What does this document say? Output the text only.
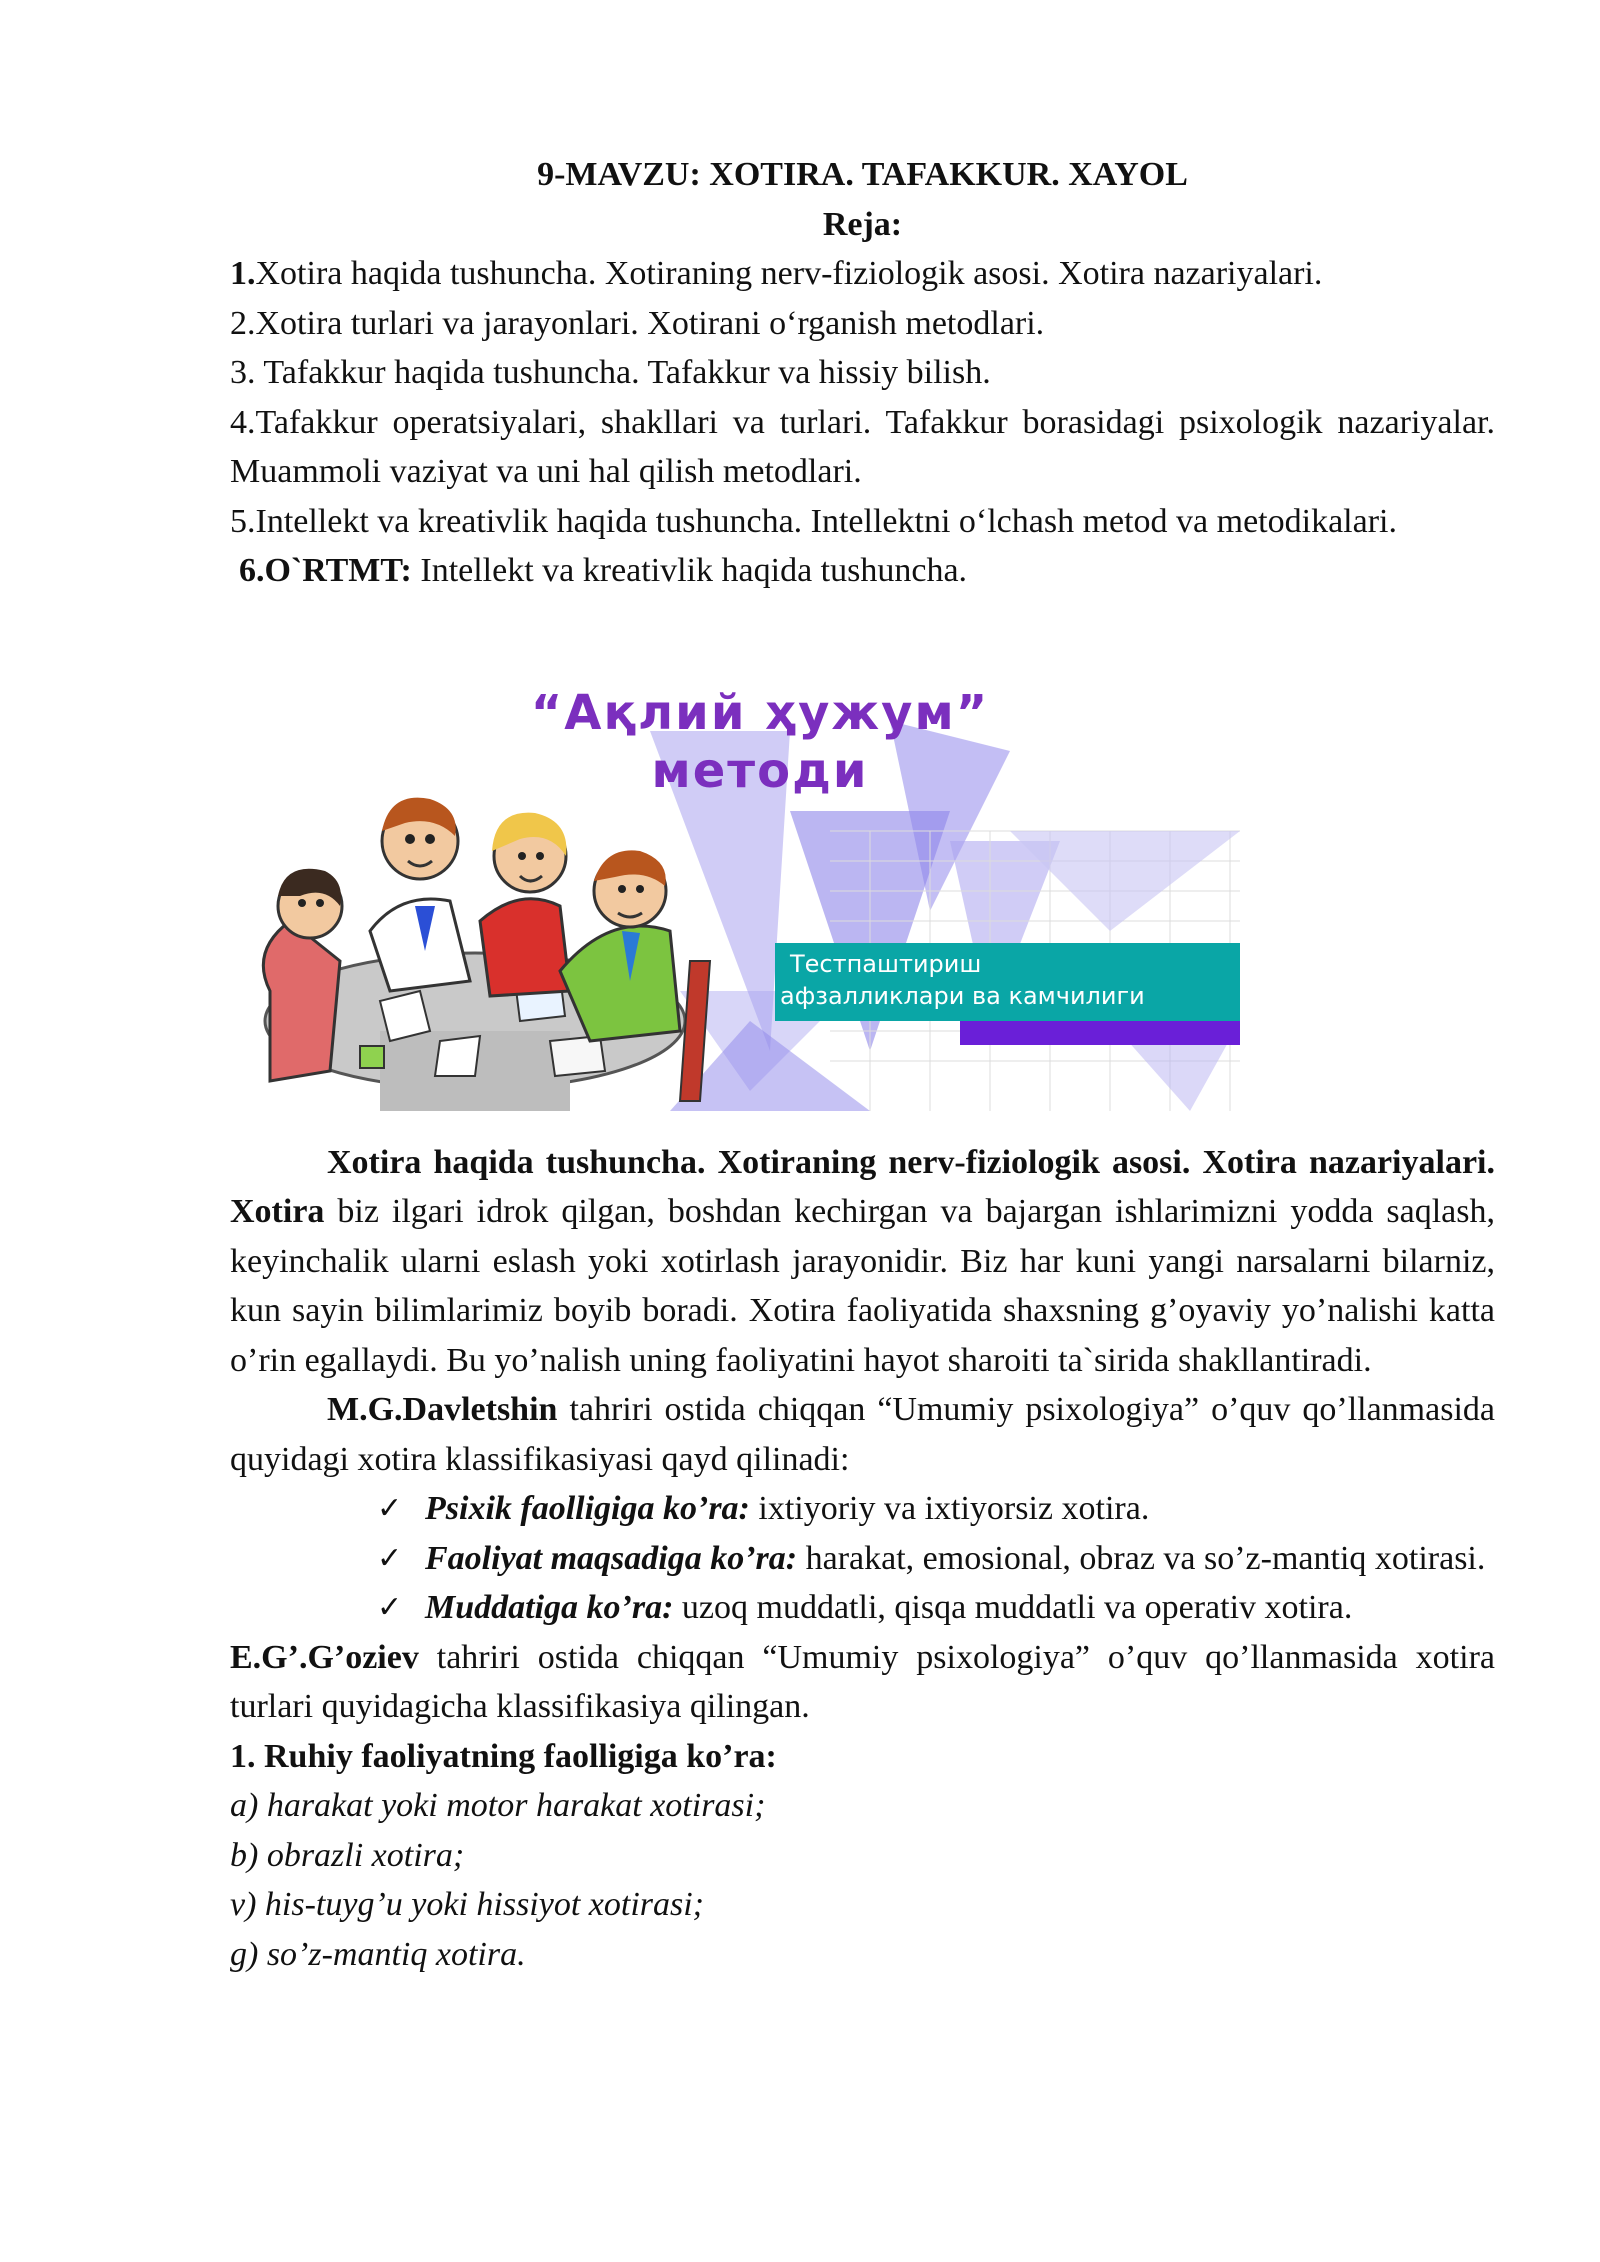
9-MAVZU: XOTIRA. TAFAKKUR. XAYOL
Reja:
1.Xotira haqida tushuncha. Xotiraning nerv-fiziologik asosi. Xotira nazariyalari.
2.Xotira turlari va jarayonlari. Xotirani o‘rganish metodlari.
3. Tafakkur haqida tushuncha. Tafakkur va hissiy bilish.
4.Tafakkur operatsiyalari, shakllari va turlari. Tafakkur borasidagi psixologik nazariyalar. Muammoli vaziyat va uni hal qilish metodlari.
5.Intellekt va kreativlik haqida tushuncha. Intellektni o‘lchash metod va metodikalari.
6.O`RTMT: Intellekt va kreativlik haqida tushuncha.
“Ақлий ҳужум”
методи
Тестпаштириш
афзалликлари ва камчилиги
Xotira haqida tushuncha. Xotiraning nerv-fiziologik asosi. Xotira nazariyalari. Xotira biz ilgari idrok qilgan, boshdan kechirgan va bajargan ishlarimizni yodda saqlash, keyinchalik ularni eslash yoki xotirlash jarayonidir. Biz har kuni yangi narsalarni bilarniz, kun sayin bilimlarimiz boyib boradi. Xotira faoliyatida shaxsning g’oyaviy yo’nalishi katta o’rin egallaydi. Bu yo’nalish uning faoliyatini hayot sharoiti ta`sirida shakllantiradi.
M.G.Davletshin tahriri ostida chiqqan “Umumiy psixologiya” o’quv qo’llanmasida quyidagi xotira klassifikasiyasi qayd qilinadi:
✓ Psixik faolligiga ko’ra: ixtiyoriy va ixtiyorsiz xotira.
✓ Faoliyat maqsadiga ko’ra: harakat, emosional, obraz va so’z-mantiq xotirasi.
✓ Muddatiga ko’ra: uzoq muddatli, qisqa muddatli va operativ xotira.
E.G’.G’oziev tahriri ostida chiqqan “Umumiy psixologiya” o’quv qo’llanmasida xotira turlari quyidagicha klassifikasiya qilingan.
1. Ruhiy faoliyatning faolligiga ko’ra:
a) harakat yoki motor harakat xotirasi;
b) obrazli xotira;
v) his-tuyg’u yoki hissiyot xotirasi;
g) so’z-mantiq xotira.
